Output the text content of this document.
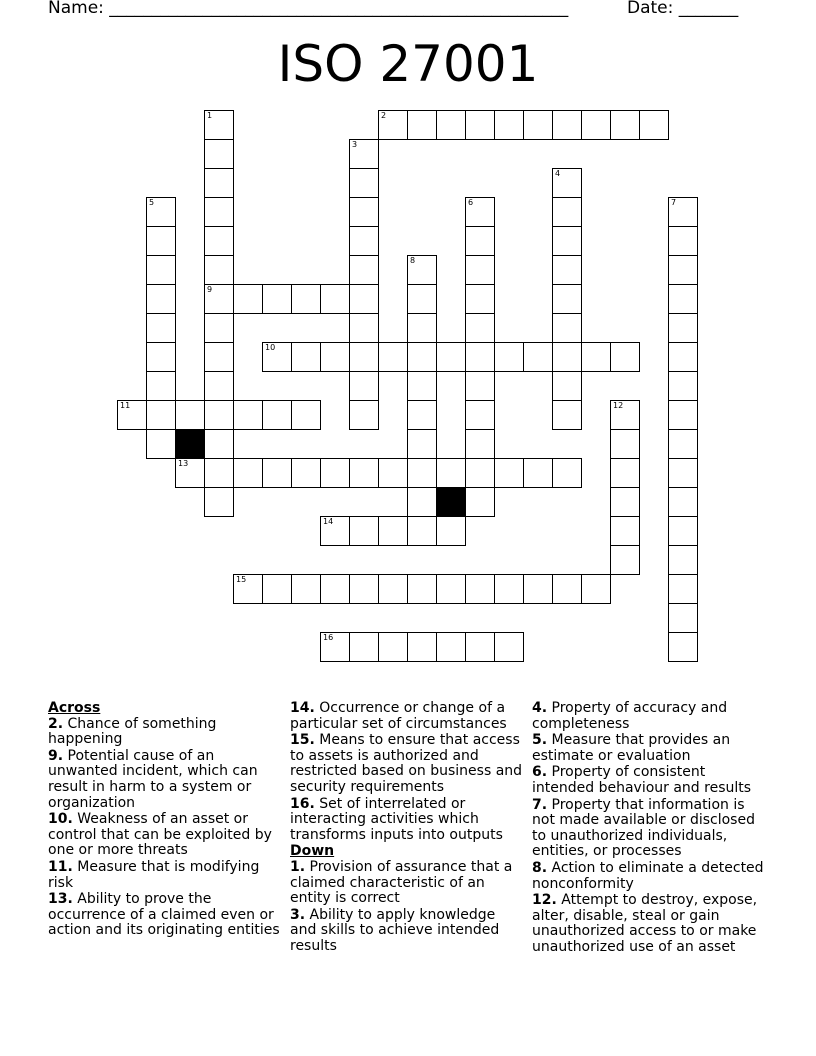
Name: ______________________________________________________	Date: _______
ISO 27001
1
9
2
3
4
5	6	7
8
10
11	12
13
14
15
16
Across
2. Chance of something happening
9. Potential cause of an unwanted incident, which can result in harm to a system or organization
10. Weakness of an asset or control that can be exploited by one or more threats
11. Measure that is modifying risk
13. Ability to prove the occurrence of a claimed even or action and its originating entities
14. Occurrence or change of a particular set of circumstances
15. Means to ensure that access to assets is authorized and restricted based on business and security requirements
16. Set of interrelated or interacting activities which transforms inputs into outputs
Down
1. Provision of assurance that a claimed characteristic of an entity is correct
3. Ability to apply knowledge and skills to achieve intended results
4. Property of accuracy and completeness
5. Measure that provides an estimate or evaluation
6. Property of consistent intended behaviour and results
7. Property that information is not made available or disclosed to unauthorized individuals, entities, or processes
8. Action to eliminate a detected nonconformity
12. Attempt to destroy, expose, alter, disable, steal or gain unauthorized access to or make unauthorized use of an asset
